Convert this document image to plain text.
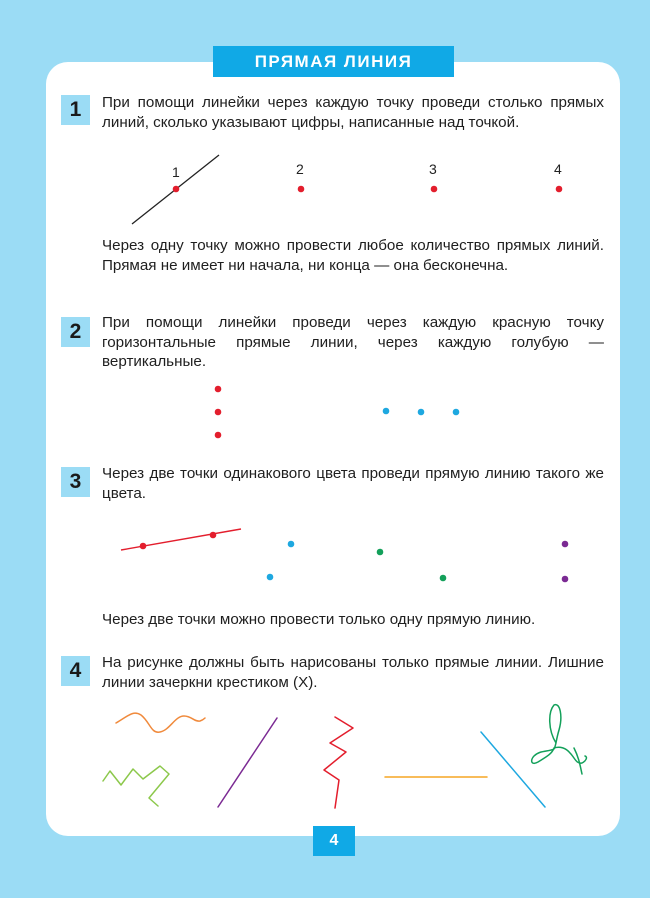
ПРЯМАЯ ЛИНИЯ
1	При помощи линейки через каждую точку проведи столько прямых линий, сколько указывают цифры, написанные над точкой.
1	2	3	4
Через одну точку можно провести любое количество прямых линий. Прямая не имеет ни начала, ни конца — она бесконечна.
2	При помощи линейки проведи через каждую красную точку горизонтальные прямые линии, через каждую голубую — вертикальные.
3	Через две точки одинакового цвета проведи прямую линию такого же цвета.
Через две точки можно провести только одну прямую линию.
4	На рисунке должны быть нарисованы только прямые линии. Лишние линии зачеркни крестиком (X).
4
